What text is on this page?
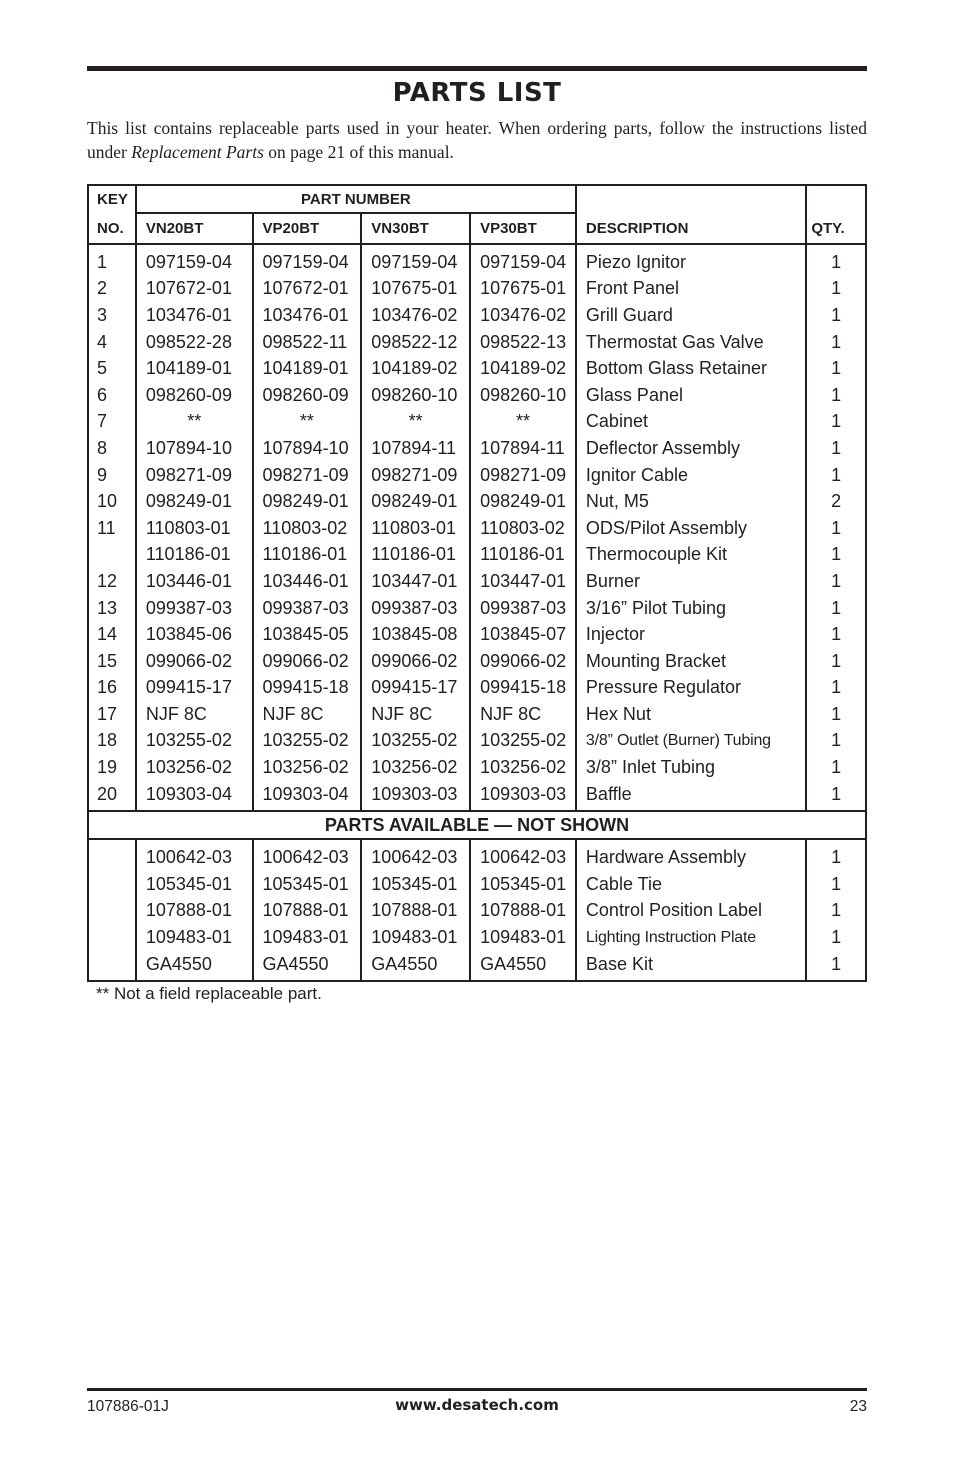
PARTS LIST
This list contains replaceable parts used in your heater. When ordering parts, follow the instructions listed under Replacement Parts on page 21 of this manual.
KEY	PART NUMBER					
NO.	VN20BT	VP20BT	VN30BT	VP30BT	DESCRIPTION	QTY.
1	097159-04	097159-04	097159-04	097159-04	Piezo Ignitor	1
2	107672-01	107672-01	107675-01	107675-01	Front Panel	1
3	103476-01	103476-01	103476-02	103476-02	Grill Guard	1
4	098522-28	098522-11	098522-12	098522-13	Thermostat Gas Valve	1
5	104189-01	104189-01	104189-02	104189-02	Bottom Glass Retainer	1
6	098260-09	098260-09	098260-10	098260-10	Glass Panel	1
7	**	**	**	**	Cabinet	1
8	107894-10	107894-10	107894-11	107894-11	Deflector Assembly	1
9	098271-09	098271-09	098271-09	098271-09	Ignitor Cable	1
10	098249-01	098249-01	098249-01	098249-01	Nut, M5	2
11	110803-01	110803-02	110803-01	110803-02	ODS/Pilot Assembly	1
	110186-01	110186-01	110186-01	110186-01	Thermocouple Kit	1
12	103446-01	103446-01	103447-01	103447-01	Burner	1
13	099387-03	099387-03	099387-03	099387-03	3/16” Pilot Tubing	1
14	103845-06	103845-05	103845-08	103845-07	Injector	1
15	099066-02	099066-02	099066-02	099066-02	Mounting Bracket	1
16	099415-17	099415-18	099415-17	099415-18	Pressure Regulator	1
17	NJF 8C	NJF 8C	NJF 8C	NJF 8C	Hex Nut	1
18	103255-02	103255-02	103255-02	103255-02	3/8” Outlet (Burner) Tubing	1
19	103256-02	103256-02	103256-02	103256-02	3/8” Inlet Tubing	1
20	109303-04	109303-04	109303-03	109303-03	Baffle	1
PARTS AVAILABLE — NOT SHOWN						
	100642-03	100642-03	100642-03	100642-03	Hardware Assembly	1
	105345-01	105345-01	105345-01	105345-01	Cable Tie	1
	107888-01	107888-01	107888-01	107888-01	Control Position Label	1
	109483-01	109483-01	109483-01	109483-01	Lighting Instruction Plate	1
	GA4550	GA4550	GA4550	GA4550	Base Kit	1
** Not a field replaceable part.
107886-01J	www.desatech.com	23
